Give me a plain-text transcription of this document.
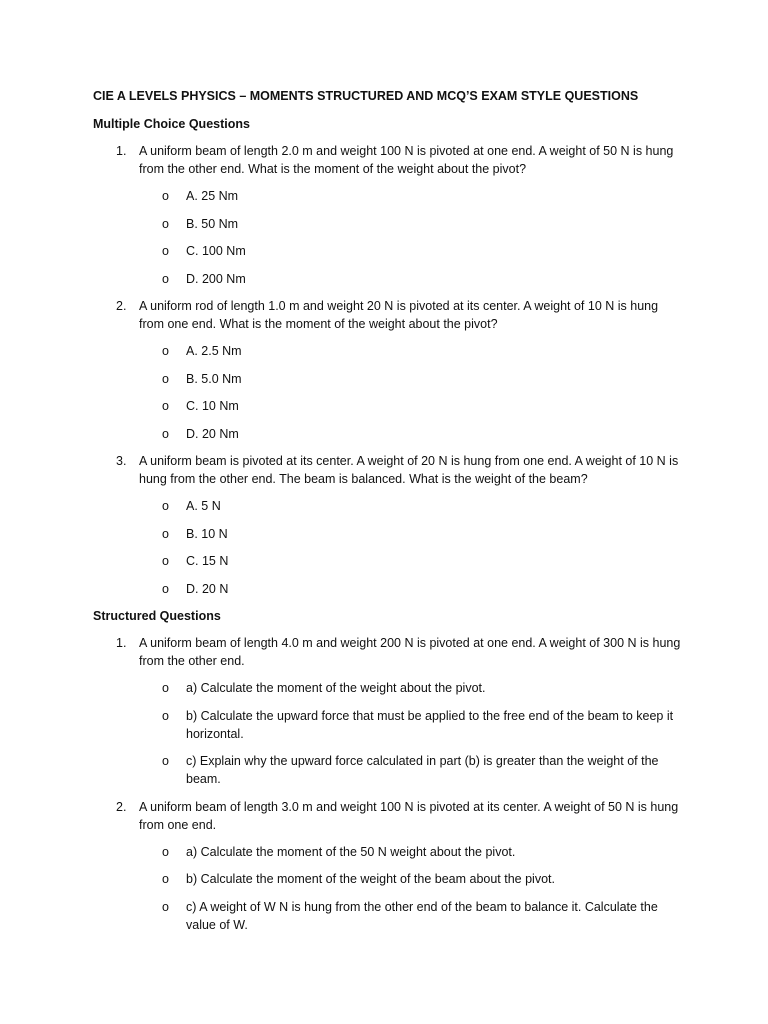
CIE A LEVELS PHYSICS – MOMENTS STRUCTURED AND MCQ’S EXAM STYLE QUESTIONS
Multiple Choice Questions
1. A uniform beam of length 2.0 m and weight 100 N is pivoted at one end. A weight of 50 N is hung from the other end. What is the moment of the weight about the pivot?
o A. 25 Nm
o B. 50 Nm
o C. 100 Nm
o D. 200 Nm
2. A uniform rod of length 1.0 m and weight 20 N is pivoted at its center. A weight of 10 N is hung from one end. What is the moment of the weight about the pivot?
o A. 2.5 Nm
o B. 5.0 Nm
o C. 10 Nm
o D. 20 Nm
3. A uniform beam is pivoted at its center. A weight of 20 N is hung from one end. A weight of 10 N is hung from the other end. The beam is balanced. What is the weight of the beam?
o A. 5 N
o B. 10 N
o C. 15 N
o D. 20 N
Structured Questions
1. A uniform beam of length 4.0 m and weight 200 N is pivoted at one end. A weight of 300 N is hung from the other end.
o a) Calculate the moment of the weight about the pivot.
o b) Calculate the upward force that must be applied to the free end of the beam to keep it horizontal.
o c) Explain why the upward force calculated in part (b) is greater than the weight of the beam.
2. A uniform beam of length 3.0 m and weight 100 N is pivoted at its center. A weight of 50 N is hung from one end.
o a) Calculate the moment of the 50 N weight about the pivot.
o b) Calculate the moment of the weight of the beam about the pivot.
o c) A weight of W N is hung from the other end of the beam to balance it. Calculate the value of W.
